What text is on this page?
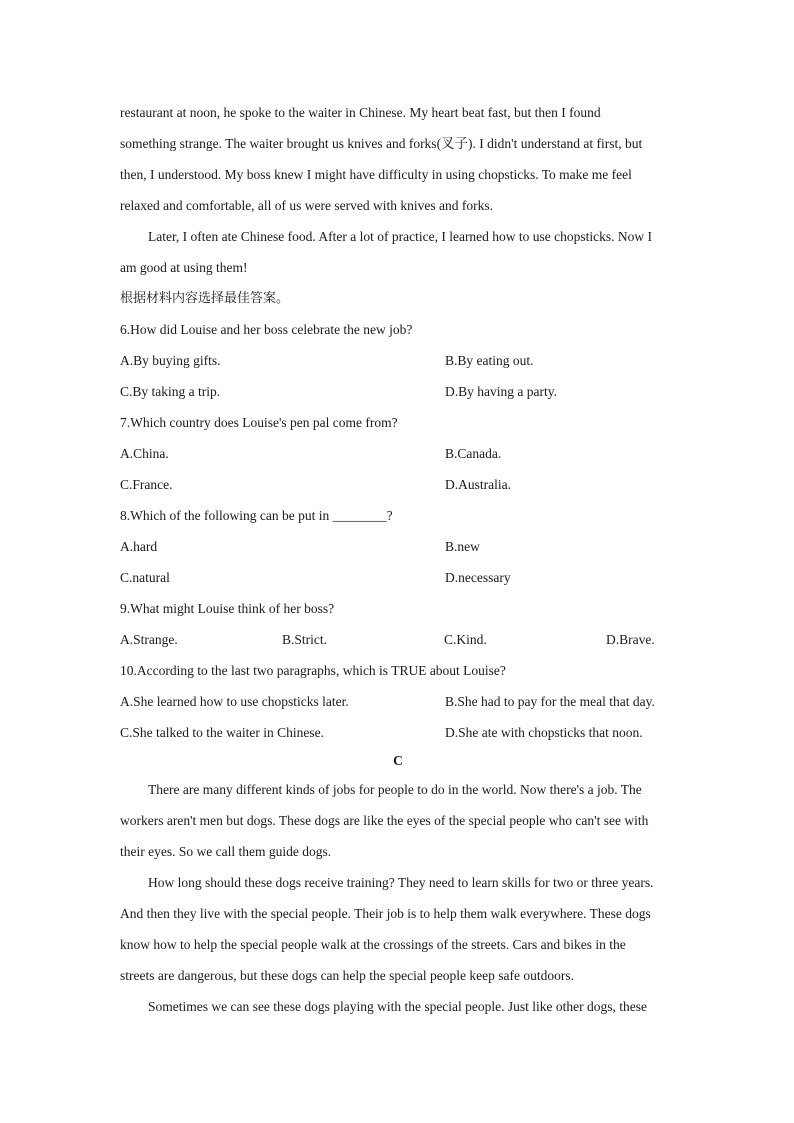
restaurant at noon, he spoke to the waiter in Chinese. My heart beat fast, but then I found
something strange. The waiter brought us knives and forks(叉子). I didn't understand at first, but
then, I understood. My boss knew I might have difficulty in using chopsticks. To make me feel
relaxed and comfortable, all of us were served with knives and forks.
Later, I often ate Chinese food. After a lot of practice, I learned how to use chopsticks. Now I
am good at using them!
根据材料内容选择最佳答案。
6.How did Louise and her boss celebrate the new job?
A.By buying gifts.	B.By eating out.
C.By taking a trip.	D.By having a party.
7.Which country does Louise's pen pal come from?
A.China.	B.Canada.
C.France.	D.Australia.
8.Which of the following can be put in ________?
A.hard	B.new
C.natural	D.necessary
9.What might Louise think of her boss?
A.Strange.	B.Strict.	C.Kind.	D.Brave.
10.According to the last two paragraphs, which is TRUE about Louise?
A.She learned how to use chopsticks later.	B.She had to pay for the meal that day.
C.She talked to the waiter in Chinese.	D.She ate with chopsticks that noon.
C
There are many different kinds of jobs for people to do in the world. Now there's a job. The
workers aren't men but dogs. These dogs are like the eyes of the special people who can't see with
their eyes. So we call them guide dogs.
How long should these dogs receive training? They need to learn skills for two or three years.
And then they live with the special people. Their job is to help them walk everywhere. These dogs
know how to help the special people walk at the crossings of the streets. Cars and bikes in the
streets are dangerous, but these dogs can help the special people keep safe outdoors.
Sometimes we can see these dogs playing with the special people. Just like other dogs, these
